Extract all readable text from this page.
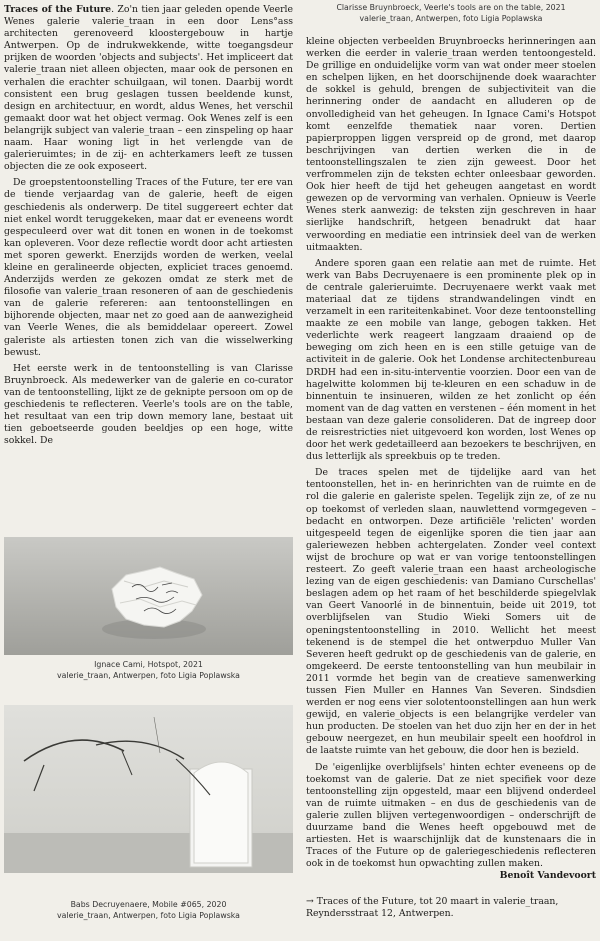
Clarisse Bruynbroeck, Veerle's tools are on the table, 2021
valerie_traan, Antwerpen, foto Ligia Poplawska

Traces of the Future. Zo'n tien jaar geleden opende Veerle Wenes galerie valerie_traan in een door Lens°ass architecten gerenoveerd kloostergebouw in hartje Antwerpen. Op de indrukwekkende, witte toegangsdeur prijken de woorden 'objects and subjects'. Het impliceert dat valerie_traan niet alleen objecten, maar ook de personen en verhalen die erachter schuilgaan, wil tonen. Daarbij wordt consistent een brug geslagen tussen beeldende kunst, design en architectuur, en wordt, aldus Wenes, het verschil gemaakt door wat het object vermag. Ook Wenes zelf is een belangrijk subject van valerie_traan – een zinspeling op haar naam. Haar woning ligt in het verlengde van de galerieruimtes; in de zij- en achterkamers leeft ze tussen objecten die ze ook exposeert.

De groepstentoonstelling Traces of the Future, ter ere van de tiende verjaardag van de galerie, heeft de eigen geschiedenis als onderwerp. De titel suggereert echter dat niet enkel wordt teruggekeken, maar dat er eveneens wordt gespeculeerd over wat dit tonen en wonen in de toekomst kan opleveren. Voor deze reflectie wordt door acht artiesten met sporen gewerkt. Enerzijds worden de werken, veelal kleine en geralineerde objecten, expliciet traces genoemd. Anderzijds werden ze gekozen omdat ze sterk met de filosofie van valerie_traan resoneren of aan de geschiedenis van de galerie refereren: aan tentoonstellingen en bijhorende objecten, maar net zo goed aan de aanwezigheid van Veerle Wenes, die als bemiddelaar opereert. Zowel galeriste als artiesten tonen zich van die wisselwerking bewust.

Het eerste werk in de tentoonstelling is van Clarisse Bruynbroeck. Als medewerker van de galerie en co-curator van de tentoonstelling, lijkt ze de geknipte persoon om op de geschiedenis te reflecteren. Veerle's tools are on the table, het resultaat van een trip down memory lane, bestaat uit tien geboetseerde gouden beeldjes op een hoge, witte sokkel. De

Ignace Cami, Hotspot, 2021
valerie_traan, Antwerpen, foto Ligia Poplawska
Babs Decruyenaere, Mobile #065, 2020
valerie_traan, Antwerpen, foto Ligia Poplawska

kleine objecten verbeelden Bruynbroecks herinneringen aan werken die eerder in valerie_traan werden tentoongesteld. De grillige en onduidelijke vorm van wat onder meer stoelen en schelpen lijken, en het doorschijnende doek waarachter de sokkel is gehuld, brengen de subjectiviteit van die herinnering onder de aandacht en alluderen op de onvolledigheid van het geheugen. In Ignace Cami's Hotspot komt eenzelfde thematiek naar voren. Dertien papierproppen liggen verspreid op de grond, met daarop beschrijvingen van dertien werken die in de tentoonstellingszalen te zien zijn geweest. Door het verfrommelen zijn de teksten echter onleesbaar geworden. Ook hier heeft de tijd het geheugen aangetast en wordt gewezen op de vervorming van verhalen. Opnieuw is Veerle Wenes sterk aanwezig: de teksten zijn geschreven in haar sierlijke handschrift, hetgeen benadrukt dat haar verwoording en mediatie een intrinsiek deel van de werken uitmaakten.

Andere sporen gaan een relatie aan met de ruimte. Het werk van Babs Decruyenaere is een prominente plek op in de centrale galerieruimte. Decruyenaere werkt vaak met materiaal dat ze tijdens strandwandelingen vindt en verzamelt in een rariteitenkabinet. Voor deze tentoonstelling maakte ze een mobile van lange, gebogen takken. Het vederlichte werk reageert langzaam draaiend op de beweging om zich heen en is een stille getuige van de activiteit in de galerie. Ook het Londense architectenbureau DRDH had een in-situ-interventie voorzien. Door een van de hagelwitte kolommen bij te-kleuren en een schaduw in de binnentuin te insinueren, wilden ze het zonlicht op één moment van de dag vatten en verstenen – één moment in het bestaan van deze galerie consolideren. Dat de ingreep door de reisrestricties niet uitgevoerd kon worden, lost Wenes op door het werk gedetailleerd aan bezoekers te beschrijven, en dus letterlijk als spreekbuis op te treden.

De traces spelen met de tijdelijke aard van het tentoonstellen, het in- en herinrichten van de ruimte en de rol die galerie en galeriste spelen. Tegelijk zijn ze, of ze nu op toekomst of verleden slaan, nauwlettend vormgegeven – bedacht en ontworpen. Deze artificiële 'relicten' worden uitgespeeld tegen de eigenlijke sporen die tien jaar aan galeriewezen hebben achtergelaten. Zonder veel context wijst de brochure op wat er van vorige tentoonstellingen resteert. Zo geeft valerie_traan een haast archeologische lezing van de eigen geschiedenis: van Damiano Curschellas' beslagen adem op het raam of het beschilderde spiegelvlak van Geert Vanoorlé in de binnentuin, beide uit 2019, tot overblijfselen van Studio Wieki Somers uit de openingstentoonstelling in 2010. Wellicht het meest tekenend is de stempel die het ontwerpduo Muller Van Severen heeft gedrukt op de geschiedenis van de galerie, en omgekeerd. De eerste tentoonstelling van hun meubilair in 2011 vormde het begin van de creatieve samenwerking tussen Fien Muller en Hannes Van Severen. Sindsdien werden er nog eens vier solotentoonstellingen aan hun werk gewijd, en valerie_objects is een belangrijke verdeler van hun producten. De stoelen van het duo zijn her en der in het gebouw neergezet, en hun meubilair speelt een hoofdrol in de laatste ruimte van het gebouw, die door hen is bezield.

De 'eigenlijke overblijfsels' hinten echter eveneens op de toekomst van de galerie. Dat ze niet specifiek voor deze tentoonstelling zijn opgesteld, maar een blijvend onderdeel van de ruimte uitmaken – en dus de geschiedenis van de galerie zullen blijven vertegenwoordigen – onderschrijft de duurzame band die Wenes heeft opgebouwd met de artiesten. Het is waarschijnlijk dat de kunstenaars die in Traces of the Future op de galeriegeschiedenis reflecteren ook in de toekomst hun opwachting zullen maken.
Benoît Vandevoort

→ Traces of the Future, tot 20 maart in valerie_traan, Reyndersstraat 12, Antwerpen.
